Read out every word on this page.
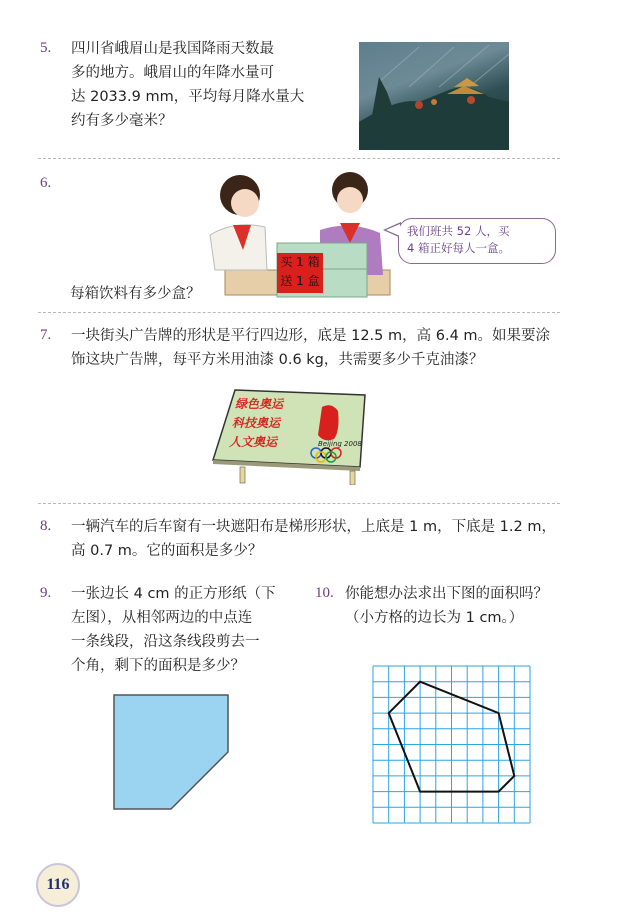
5. 四川省峨眉山是我国降雨天数最
多的地方。峨眉山的年降水量可
达 2033.9 mm，平均每月降水量大
约有多少毫米？
6.
每箱饮料有多少盒？
买 1 箱
送 1 盒
我们班共 52 人，买
4 箱正好每人一盒。
7. 一块街头广告牌的形状是平行四边形，底是 12.5 m，高 6.4 m。如果要涂
饰这块广告牌，每平方米用油漆 0.6 kg，共需要多少千克油漆？
绿色奥运
科技奥运
人文奥运	Beijing 2008
8. 一辆汽车的后车窗有一块遮阳布是梯形形状，上底是 1 m，下底是 1.2 m，
高 0.7 m。它的面积是多少？
9. 一张边长 4 cm 的正方形纸（下
左图），从相邻两边的中点连
一条线段，沿这条线段剪去一
个角，剩下的面积是多少？
10. 你能想办法求出下图的面积吗？
（小方格的边长为 1 cm。）
116
